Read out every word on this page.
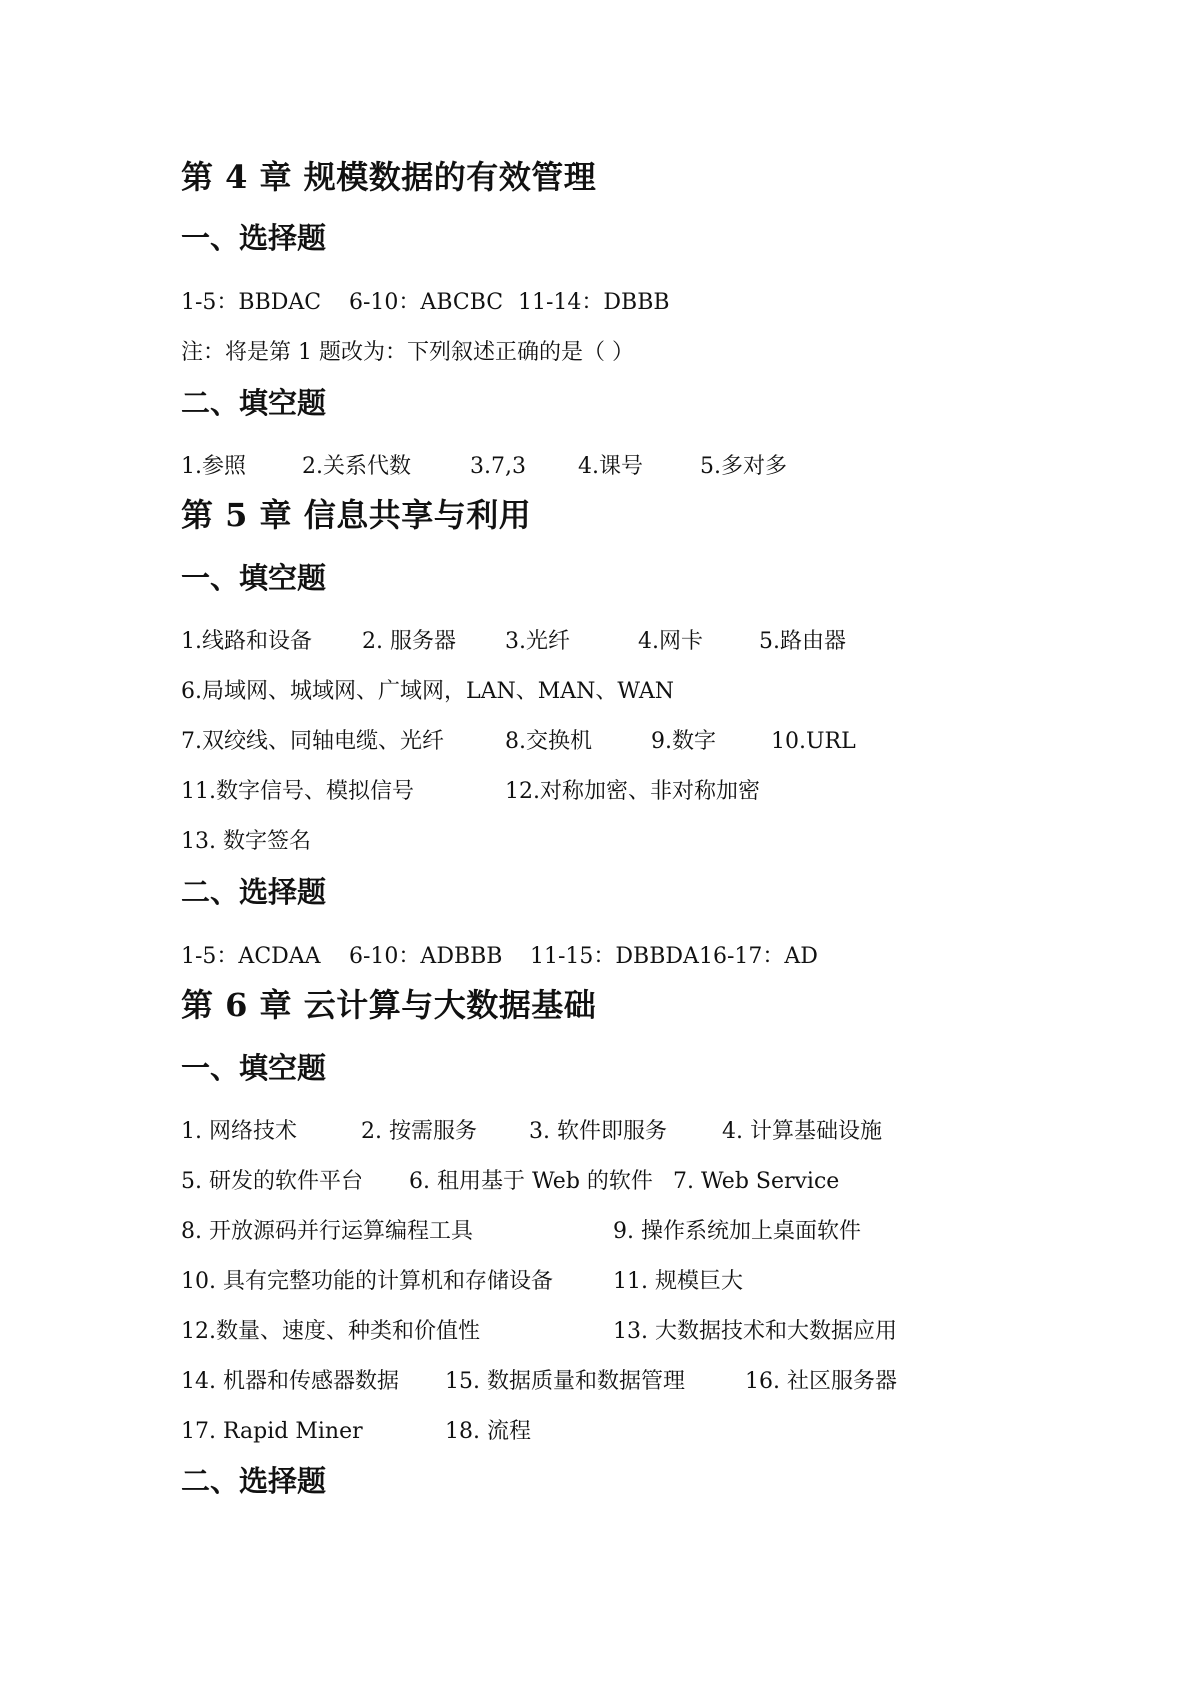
第 4 章 规模数据的有效管理
一、选择题
1-5：BBDAC 6-10：ABCBC 11-14：DBBB
注：将是第 1 题改为：下列叙述正确的是（ ）
二、填空题
1.参照	2.关系代数	3.7,3 4.课号	5.多对多
第 5 章 信息共享与利用
一、填空题
1.线路和设备 2. 服务器 3.光纤	4.网卡	5.路由器
6.局域网、城域网、广域网，LAN、MAN、WAN
7.双绞线、同轴电缆、光纤	8.交换机	9.数字	10.URL
11.数字信号、模拟信号	12.对称加密、非对称加密
13. 数字签名
二、选择题
1-5：ACDAA 6-10：ADBBB 11-15：DBBDA 16-17：AD
第 6 章 云计算与大数据基础
一、填空题
1. 网络技术	2. 按需服务 3. 软件即服务	4. 计算基础设施
5. 研发的软件平台 6. 租用基于 Web 的软件 7. Web Service
8. 开放源码并行运算编程工具	9. 操作系统加上桌面软件
10. 具有完整功能的计算机和存储设备	11. 规模巨大
12.数量、速度、种类和价值性	13. 大数据技术和大数据应用
14. 机器和传感器数据 15. 数据质量和数据管理	16. 社区服务器
17. Rapid Miner	18. 流程
二、选择题
